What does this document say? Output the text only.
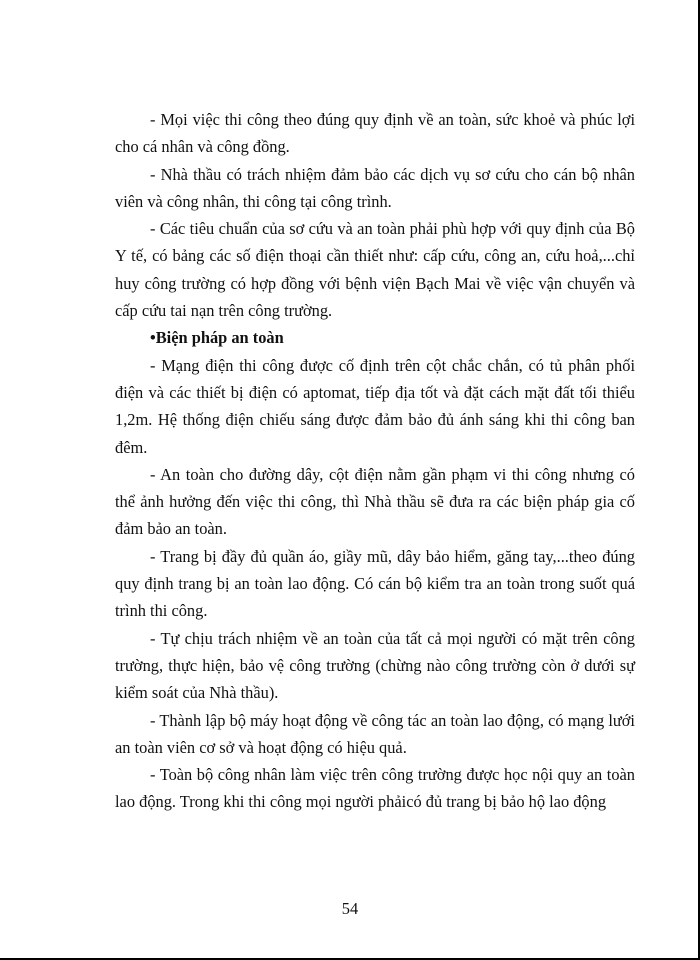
- Mọi việc thi công theo đúng quy định về an toàn, sức khoẻ và phúc lợi cho cá nhân và công đồng.

- Nhà thầu có trách nhiệm đảm bảo các dịch vụ sơ cứu cho cán bộ nhân viên và công nhân, thi công tại công trình.

- Các tiêu chuẩn của sơ cứu và an toàn phải phù hợp với quy định của Bộ Y tế, có bảng các số điện thoại cần thiết như: cấp cứu, công an, cứu hoả,...chỉ huy công trường có hợp đồng với bệnh viện Bạch Mai về việc vận chuyển và cấp cứu tai nạn trên công trường.

•Biện pháp an toàn

- Mạng điện thi công được cố định trên cột chắc chắn, có tủ phân phối điện và các thiết bị điện có aptomat, tiếp địa tốt và đặt cách mặt đất tối thiểu 1,2m. Hệ thống điện chiếu sáng được đảm bảo đủ ánh sáng khi thi công ban đêm.

- An toàn cho đường dây, cột điện nằm gần phạm vi thi công nhưng có thể ảnh hưởng đến việc thi công, thì Nhà thầu sẽ đưa ra các biện pháp gia cố đảm bảo an toàn.

- Trang bị đầy đủ quần áo, giầy mũ, dây bảo hiểm, găng tay,...theo đúng quy định trang bị an toàn lao động. Có cán bộ kiểm tra an toàn trong suốt quá trình thi công.

- Tự chịu trách nhiệm về an toàn của tất cả mọi người có mặt trên công trường, thực hiện, bảo vệ công trường (chừng nào công trường còn ở dưới sự kiểm soát của Nhà thầu).

- Thành lập bộ máy hoạt động về công tác an toàn lao động, có mạng lưới an toàn viên cơ sở và hoạt động có hiệu quả.

- Toàn bộ công nhân làm việc trên công trường được học nội quy an toàn lao động. Trong khi thi công mọi người phảicó đủ trang bị bảo hộ lao động

54
